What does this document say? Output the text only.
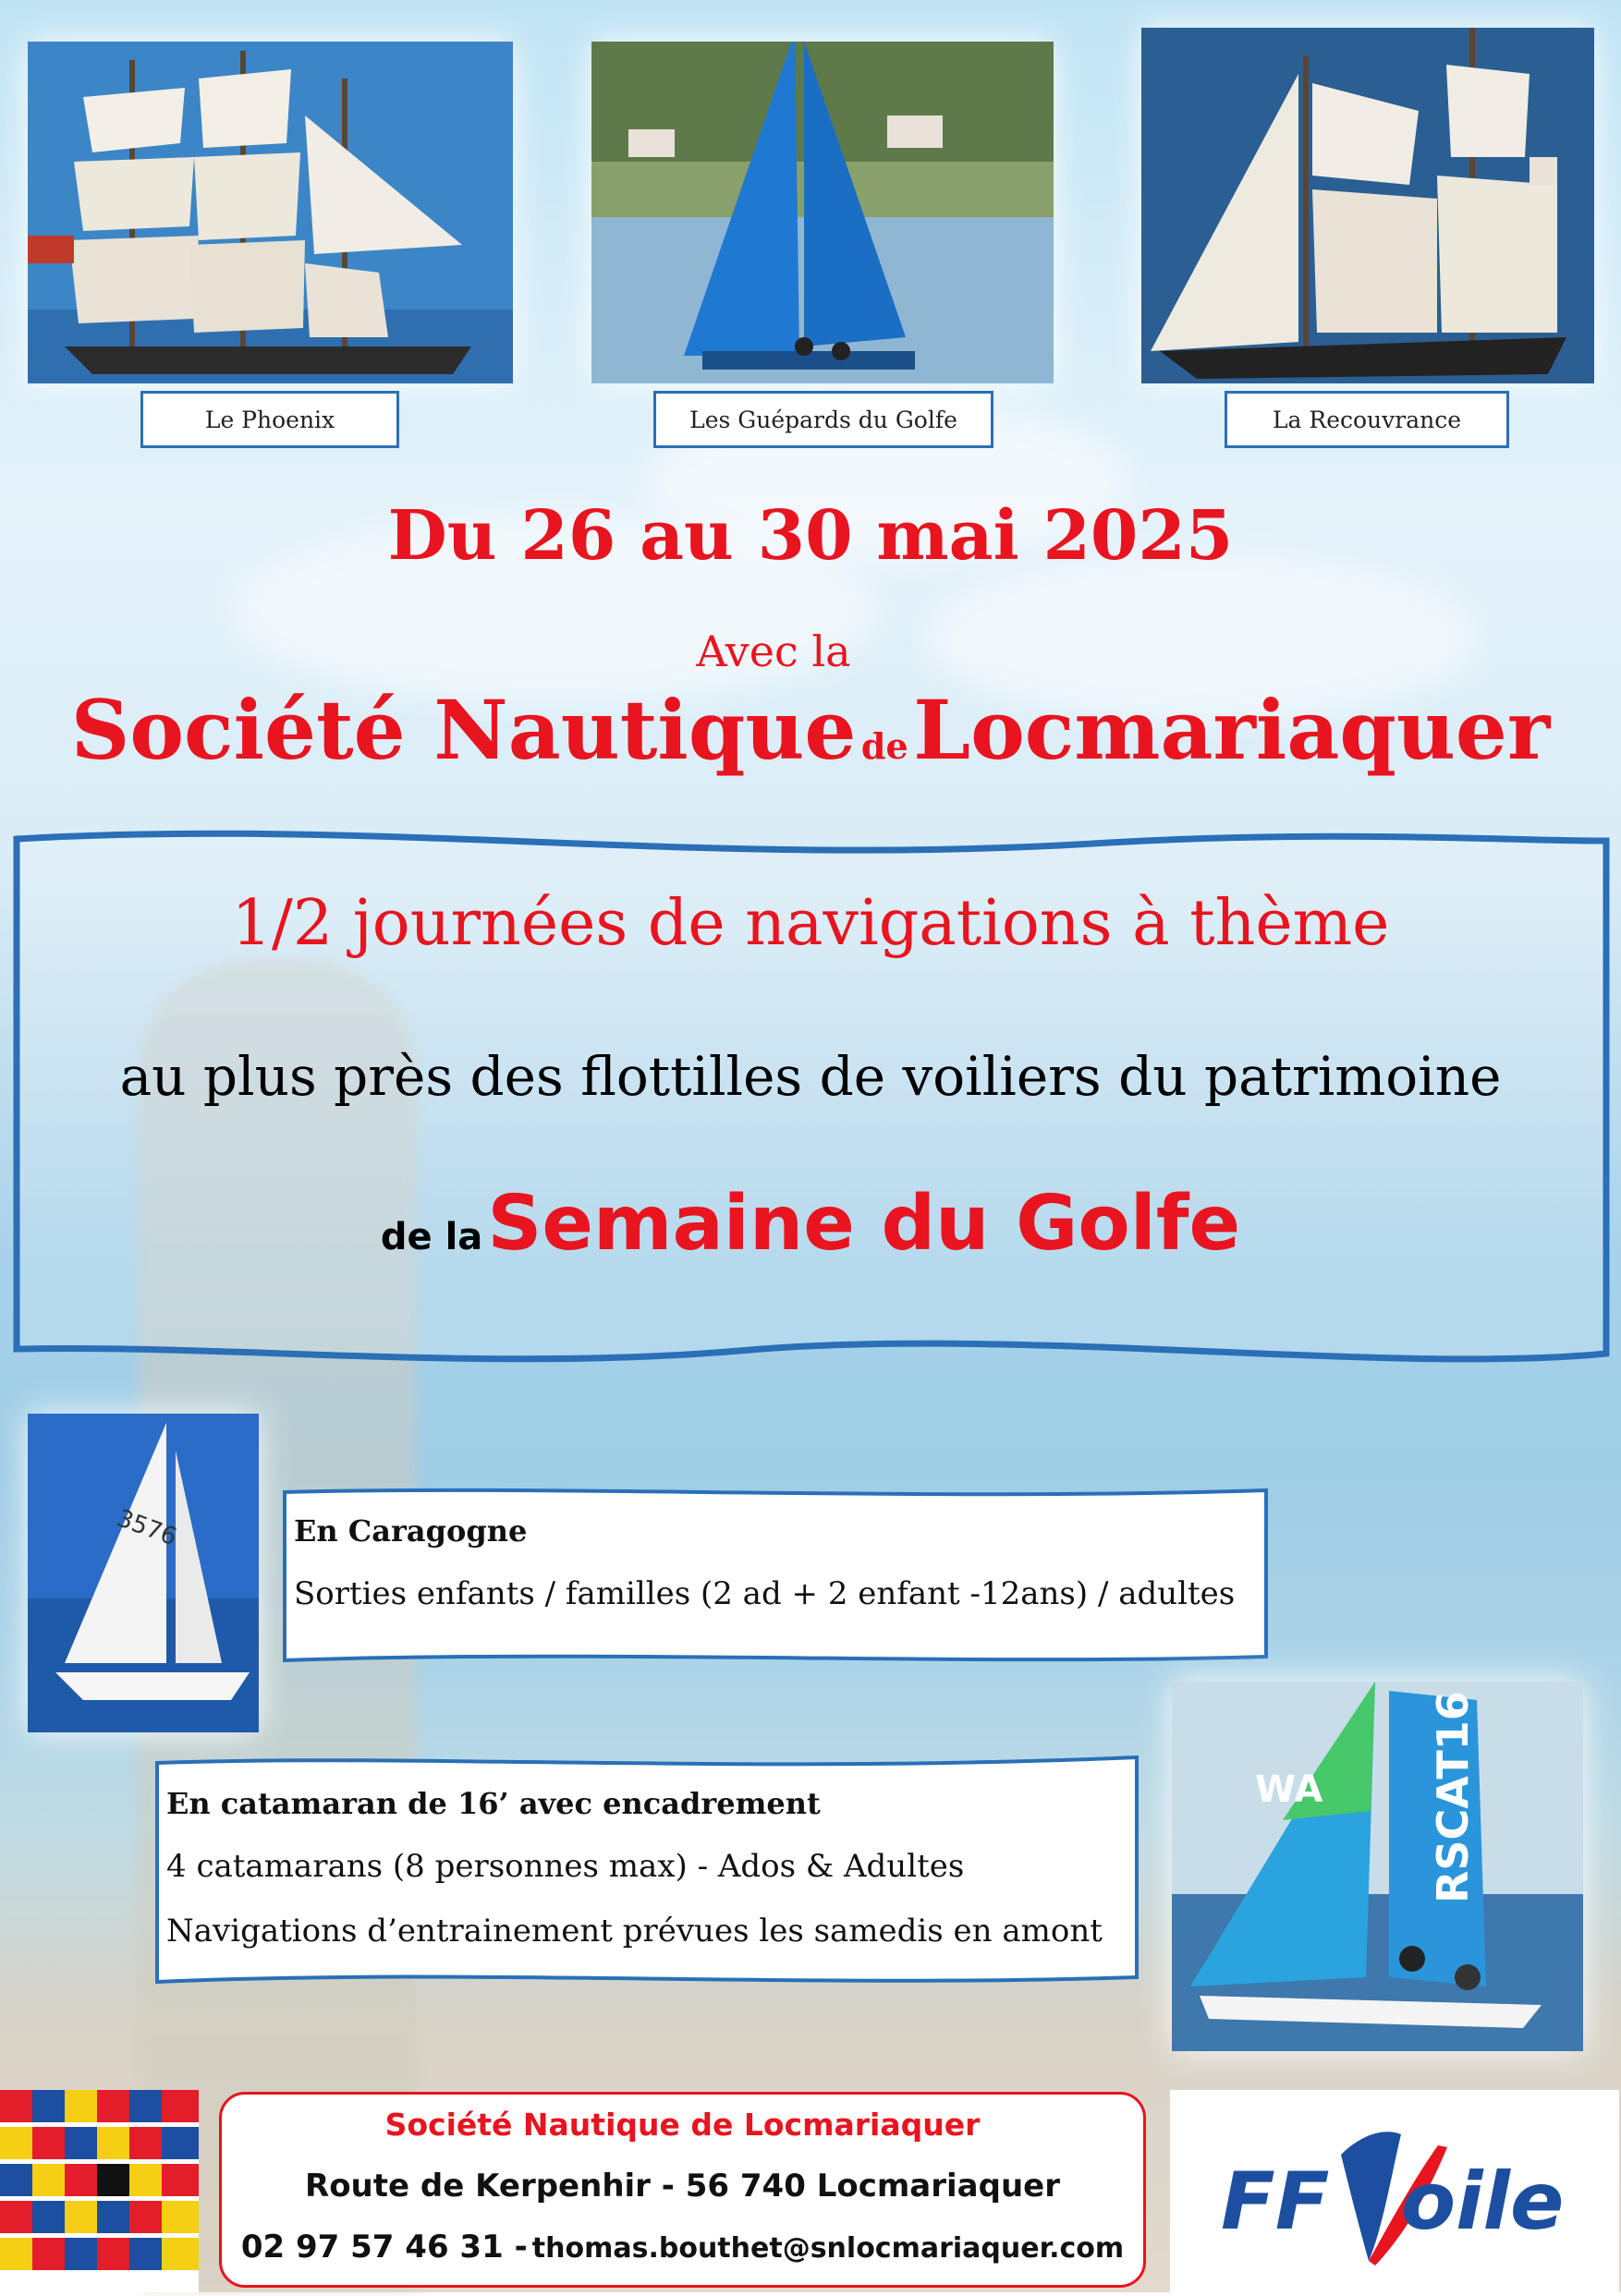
Le Phoenix	Les Guépards du Golfe	La Recouvrance
Du 26 au 30 mai 2025
Avec la
Société Nautique de Locmariaquer
1/2 journées de navigations à thème
au plus près des flottilles de voiliers du patrimoine
de la Semaine du Golfe
3576	En Caragogne
Sorties enfants / familles (2 ad + 2 enfant -12ans) / adultes
WA RSCAT16
En catamaran de 16’ avec encadrement
4 catamarans (8 personnes max) - Ados & Adultes
Navigations d’entrainement prévues les samedis en amont
Société Nautique de Locmariaquer
Route de Kerpenhir - 56 740 Locmariaquer
02 97 57 46 31 - thomas.bouthet@snlocmariaquer.com
FF oile
